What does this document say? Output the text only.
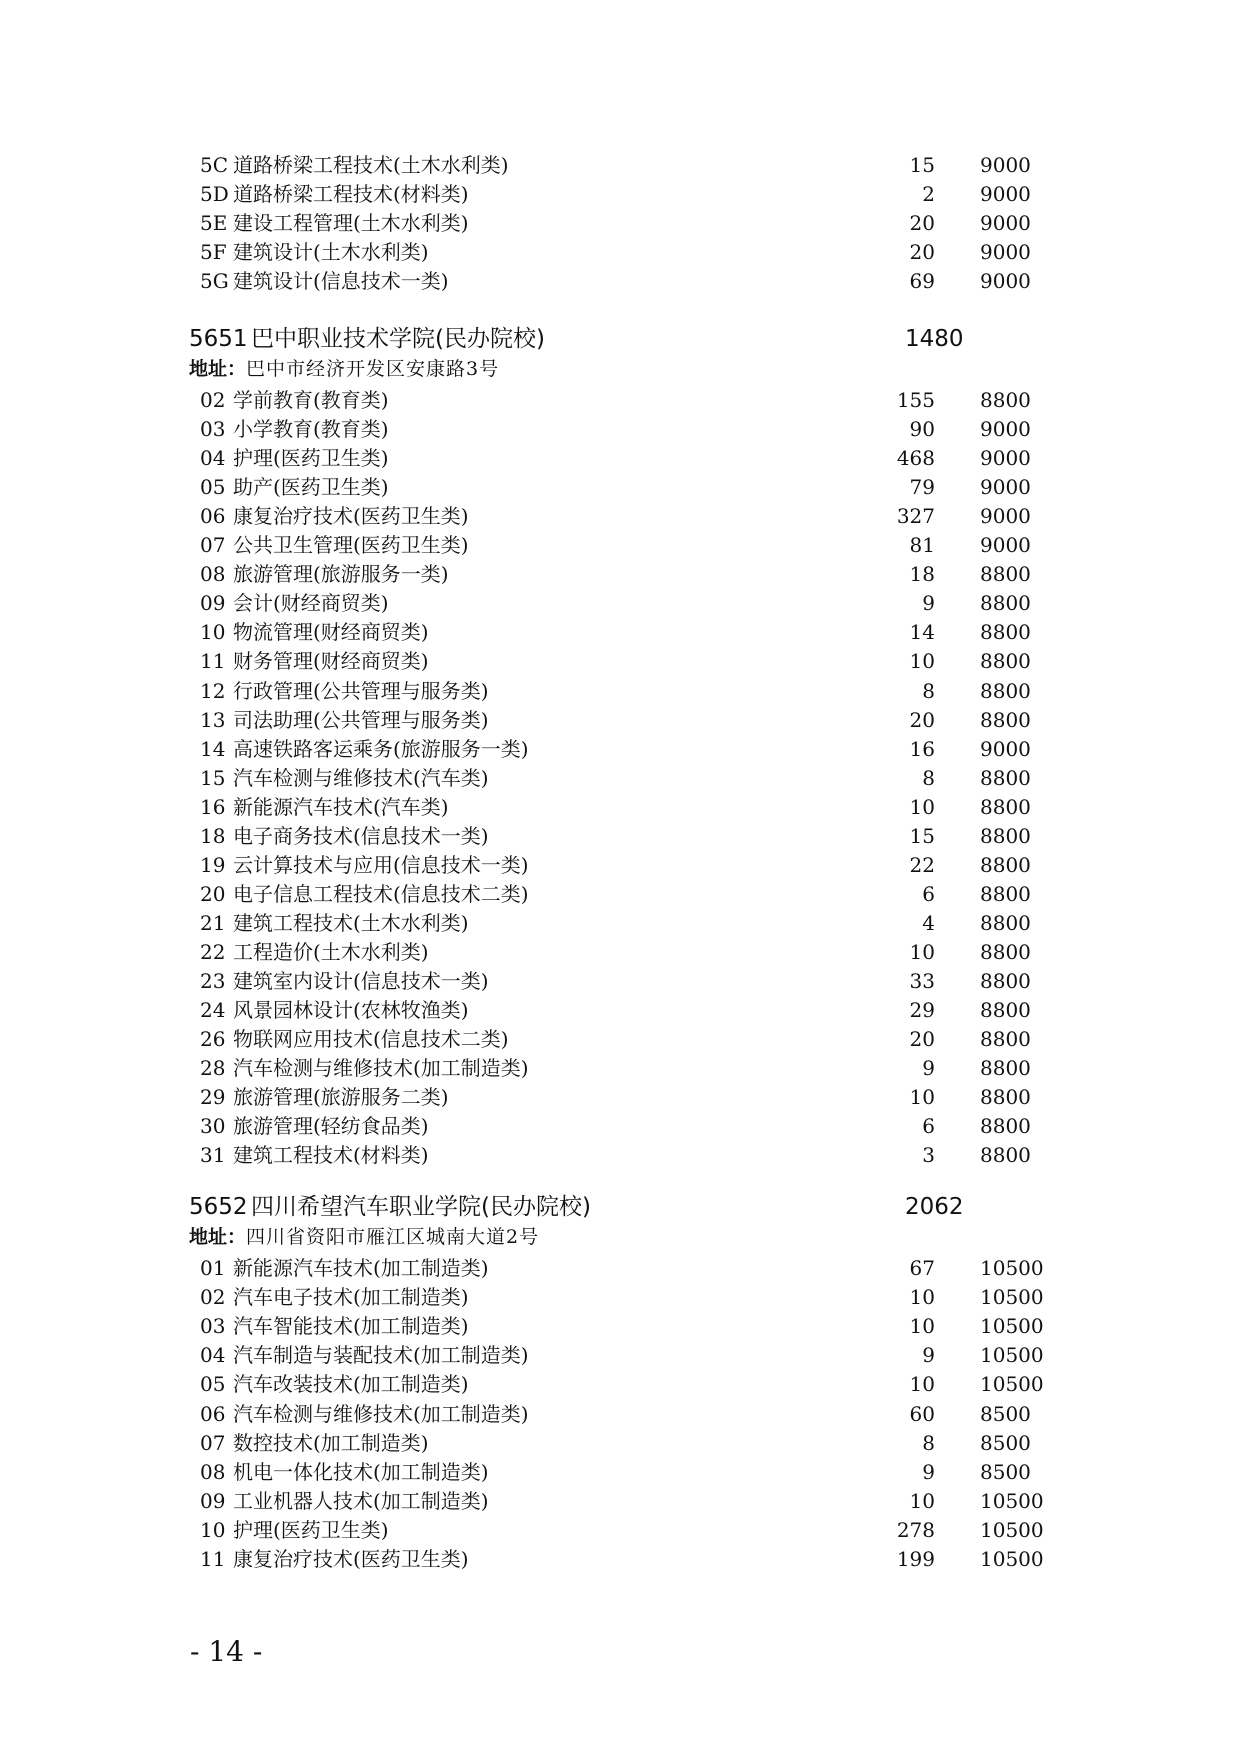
5C 道路桥梁工程技术(土木水利类)	15 9000
5D 道路桥梁工程技术(材料类)	2 9000
5E 建设工程管理(土木水利类)	20 9000
5F 建筑设计(土木水利类)	20 9000
5G 建筑设计(信息技术一类)	69 9000
5651 巴中职业技术学院(民办院校)	1480
地址：巴中市经济开发区安康路3号
02 学前教育(教育类)	155 8800
03 小学教育(教育类)	90 9000
04 护理(医药卫生类)	468 9000
05 助产(医药卫生类)	79 9000
06 康复治疗技术(医药卫生类)	327 9000
07 公共卫生管理(医药卫生类)	81 9000
08 旅游管理(旅游服务一类)	18 8800
09 会计(财经商贸类)	9 8800
10 物流管理(财经商贸类)	14 8800
11 财务管理(财经商贸类)	10 8800
12 行政管理(公共管理与服务类)	8 8800
13 司法助理(公共管理与服务类)	20 8800
14 高速铁路客运乘务(旅游服务一类)	16 9000
15 汽车检测与维修技术(汽车类)	8 8800
16 新能源汽车技术(汽车类)	10 8800
18 电子商务技术(信息技术一类)	15 8800
19 云计算技术与应用(信息技术一类)	22 8800
20 电子信息工程技术(信息技术二类)	6 8800
21 建筑工程技术(土木水利类)	4 8800
22 工程造价(土木水利类)	10 8800
23 建筑室内设计(信息技术一类)	33 8800
24 风景园林设计(农林牧渔类)	29 8800
26 物联网应用技术(信息技术二类)	20 8800
28 汽车检测与维修技术(加工制造类)	9 8800
29 旅游管理(旅游服务二类)	10 8800
30 旅游管理(轻纺食品类)	6 8800
31 建筑工程技术(材料类)	3 8800
5652 四川希望汽车职业学院(民办院校)	2062
地址：四川省资阳市雁江区城南大道2号
01 新能源汽车技术(加工制造类)	67 10500
02 汽车电子技术(加工制造类)	10 10500
03 汽车智能技术(加工制造类)	10 10500
04 汽车制造与装配技术(加工制造类)	9 10500
05 汽车改装技术(加工制造类)	10 10500
06 汽车检测与维修技术(加工制造类)	60 8500
07 数控技术(加工制造类)	8 8500
08 机电一体化技术(加工制造类)	9 8500
09 工业机器人技术(加工制造类)	10 10500
10 护理(医药卫生类)	278 10500
11 康复治疗技术(医药卫生类)	199 10500
- 14 -
